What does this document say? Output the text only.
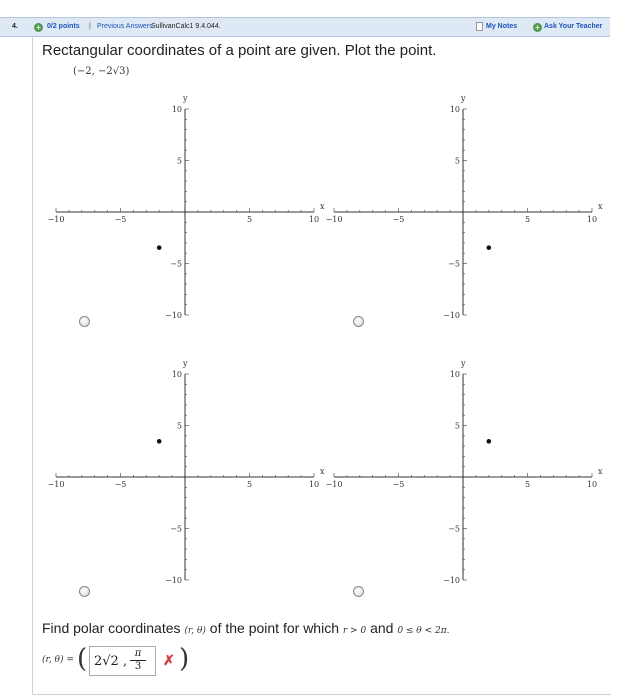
4. + 0/2 points | Previous Answers
SullivanCalc1 9.4.044.	My Notes + Ask Your Teacher
Rectangular coordinates of a point are given. Plot the point.
(−2, −2√3)
−10	−5	5	10
10
5
−5
−10
x
y
−10	−5	5	10
10
5
−5
−10
x
y
−10	−5	5	10
10
5
−5
−10
x
y
−10	−5	5	10
10
5
−5
−10
x
y
Find polar coordinates (r, θ) of the point for which r > 0 and 0 ≤ θ < 2π.
(r, θ) = ( 2√2 , $\frac{\pi}{3}$ ✗ )
